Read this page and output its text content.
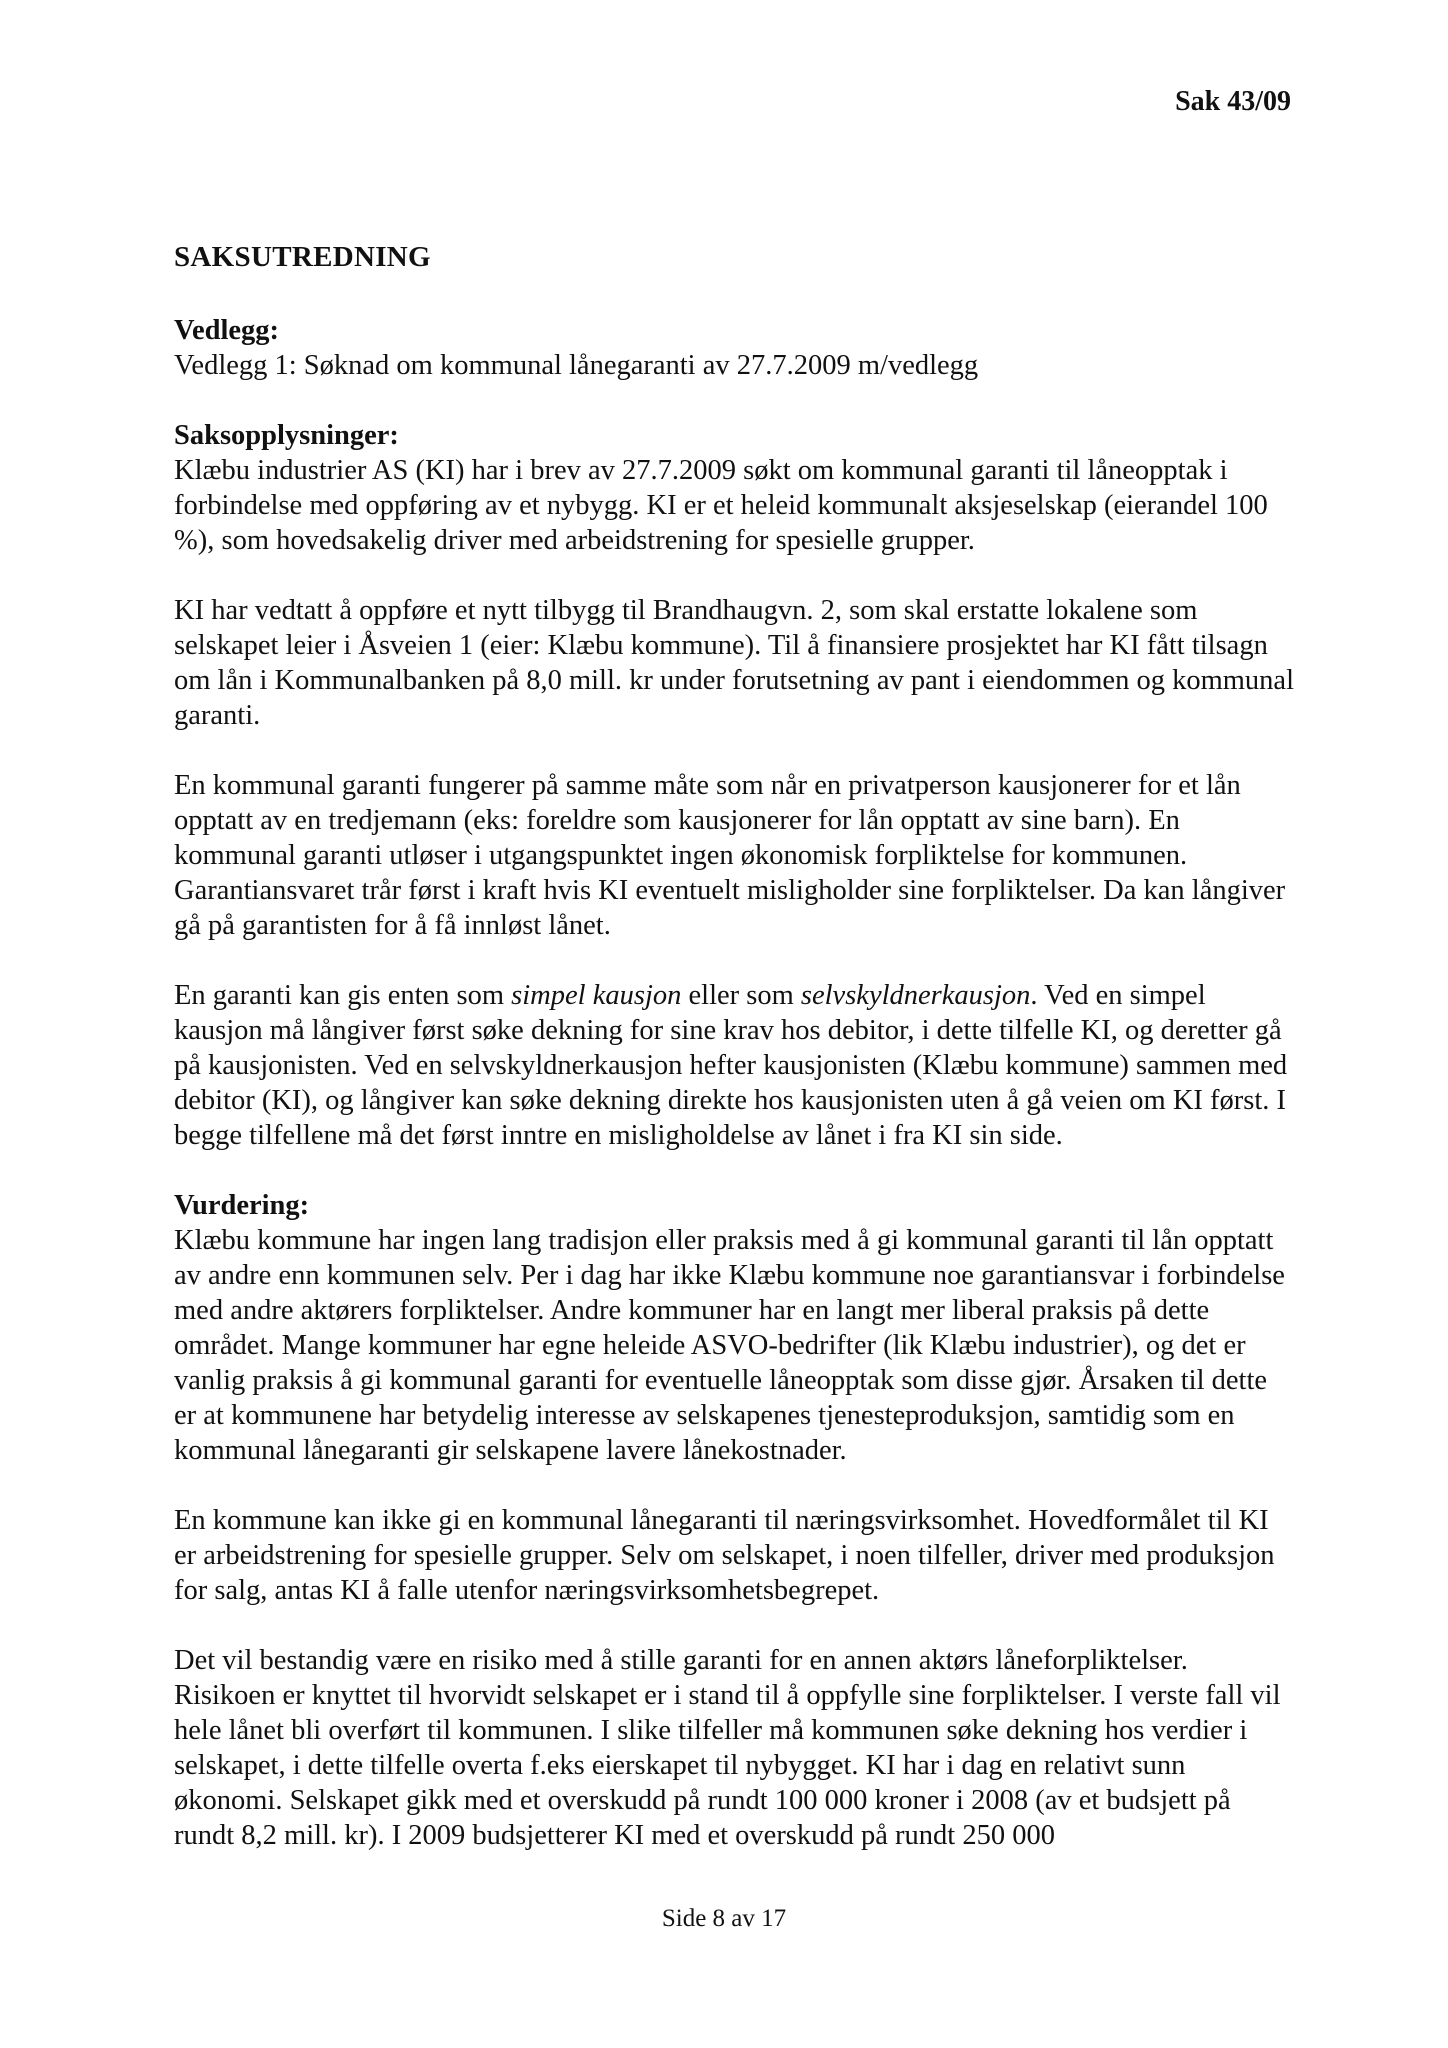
Sak 43/09

SAKSUTREDNING

Vedlegg:

Vedlegg 1: Søknad om kommunal lånegaranti av 27.7.2009 m/vedlegg

Saksopplysninger:

Klæbu industrier AS (KI) har i brev av 27.7.2009 søkt om kommunal garanti til låneopptak i forbindelse med oppføring av et nybygg. KI er et heleid kommunalt aksjeselskap (eierandel 100 %), som hovedsakelig driver med arbeidstrening for spesielle grupper.

KI har vedtatt å oppføre et nytt tilbygg til Brandhaugvn. 2, som skal erstatte lokalene som selskapet leier i Åsveien 1 (eier: Klæbu kommune). Til å finansiere prosjektet har KI fått tilsagn om lån i Kommunalbanken på 8,0 mill. kr under forutsetning av pant i eiendommen og kommunal garanti.

En kommunal garanti fungerer på samme måte som når en privatperson kausjonerer for et lån opptatt av en tredjemann (eks: foreldre som kausjonerer for lån opptatt av sine barn). En kommunal garanti utløser i utgangspunktet ingen økonomisk forpliktelse for kommunen. Garantiansvaret trår først i kraft hvis KI eventuelt misligholder sine forpliktelser. Da kan långiver gå på garantisten for å få innløst lånet.

En garanti kan gis enten som simpel kausjon eller som selvskyldnerkausjon. Ved en simpel kausjon må långiver først søke dekning for sine krav hos debitor, i dette tilfelle KI, og deretter gå på kausjonisten. Ved en selvskyldnerkausjon hefter kausjonisten (Klæbu kommune) sammen med debitor (KI), og långiver kan søke dekning direkte hos kausjonisten uten å gå veien om KI først. I begge tilfellene må det først inntre en misligholdelse av lånet i fra KI sin side.

Vurdering:

Klæbu kommune har ingen lang tradisjon eller praksis med å gi kommunal garanti til lån opptatt av andre enn kommunen selv. Per i dag har ikke Klæbu kommune noe garantiansvar i forbindelse med andre aktørers forpliktelser. Andre kommuner har en langt mer liberal praksis på dette området. Mange kommuner har egne heleide ASVO-bedrifter (lik Klæbu industrier), og det er vanlig praksis å gi kommunal garanti for eventuelle låneopptak som disse gjør. Årsaken til dette er at kommunene har betydelig interesse av selskapenes tjenesteproduksjon, samtidig som en kommunal lånegaranti gir selskapene lavere lånekostnader.

En kommune kan ikke gi en kommunal lånegaranti til næringsvirksomhet. Hovedformålet til KI er arbeidstrening for spesielle grupper. Selv om selskapet, i noen tilfeller, driver med produksjon for salg, antas KI å falle utenfor næringsvirksomhetsbegrepet.

Det vil bestandig være en risiko med å stille garanti for en annen aktørs låneforpliktelser. Risikoen er knyttet til hvorvidt selskapet er i stand til å oppfylle sine forpliktelser. I verste fall vil hele lånet bli overført til kommunen. I slike tilfeller må kommunen søke dekning hos verdier i selskapet, i dette tilfelle overta f.eks eierskapet til nybygget. KI har i dag en relativt sunn økonomi. Selskapet gikk med et overskudd på rundt 100 000 kroner i 2008 (av et budsjett på rundt 8,2 mill. kr). I 2009 budsjetterer KI med et overskudd på rundt 250 000

Side 8 av 17
